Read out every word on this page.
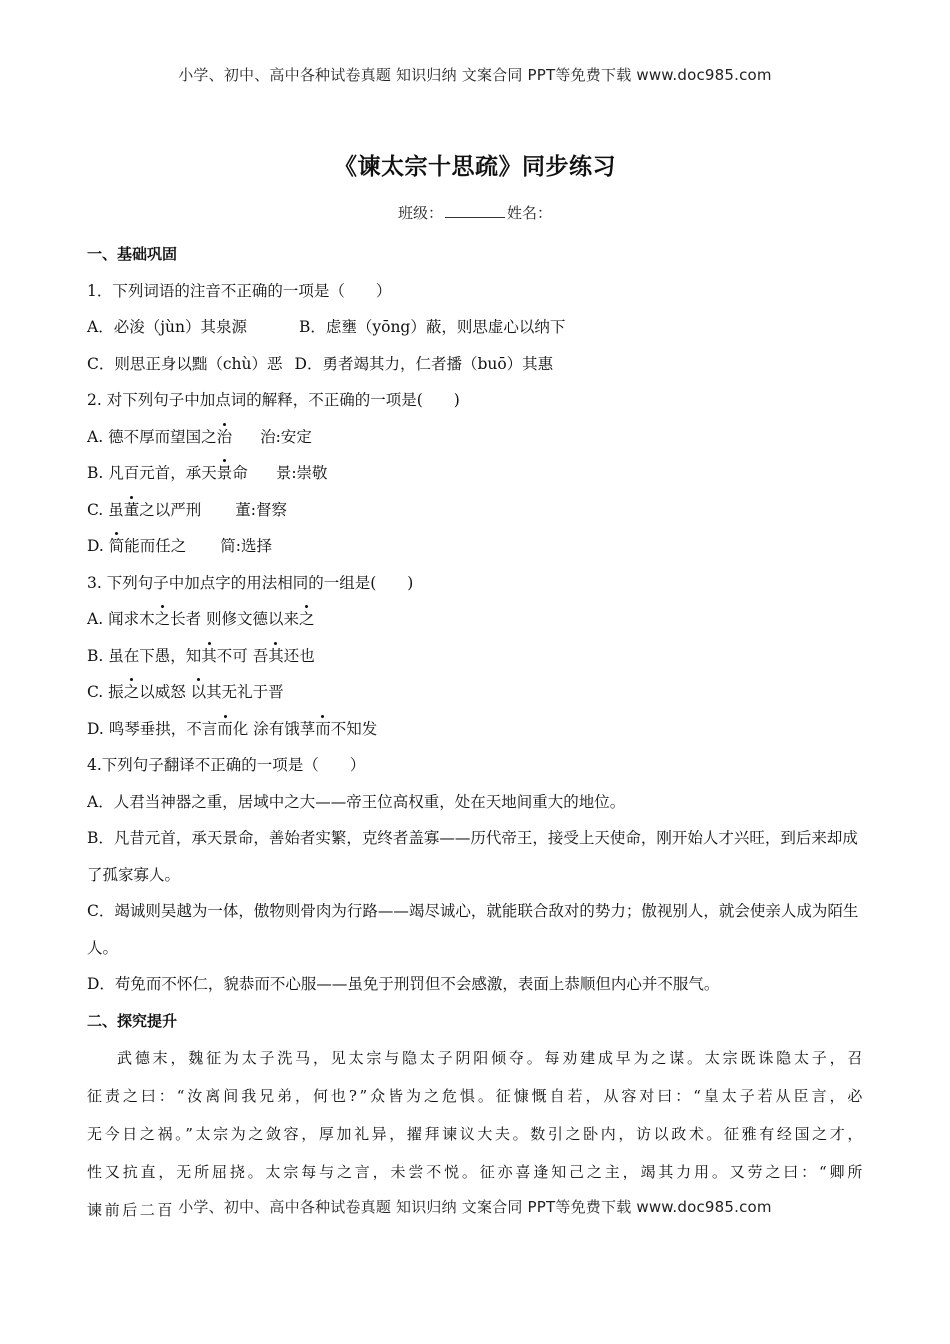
小学、初中、高中各种试卷真题 知识归纳 文案合同 PPT等免费下载 www.doc985.com
《谏太宗十思疏》同步练习
班级：	姓名：
一、基础巩固
1．下列词语的注音不正确的一项是（　　）
A．必浚（jùn）其泉源	B．虑壅（yōng）蔽，则思虚心以纳下
C．则思正身以黜（chù）恶 D．勇者竭其力，仁者播（buō）其惠
2. 对下列句子中加点词的解释，不正确的一项是(　　)
A. 德不厚而望国之治 治:安定
B. 凡百元首，承天景命 景:崇敬
C. 虽董之以严刑 董:督察
D. 简能而任之 简:选择
3. 下列句子中加点字的用法相同的一组是(　　)
A. 闻求木之长者 则修文德以来之
B. 虽在下愚，知其不可 吾其还也
C. 振之以威怒 以其无礼于晋
D. 鸣琴垂拱，不言而化 涂有饿莩而不知发
4.下列句子翻译不正确的一项是（　　）
A．人君当神器之重，居域中之大——帝王位高权重，处在天地间重大的地位。
B．凡昔元首，承天景命，善始者实繁，克终者盖寡——历代帝王，接受上天使命，刚开始人才兴旺，到后来却成了孤家寡人。
C．竭诚则吴越为一体，傲物则骨肉为行路——竭尽诚心，就能联合敌对的势力；傲视别人，就会使亲人成为陌生人。
D．苟免而不怀仁，貌恭而不心服——虽免于刑罚但不会感激，表面上恭顺但内心并不服气。
二、探究提升
武德末，魏征为太子洗马，见太宗与隐太子阴阳倾夺。每劝建成早为之谋。太宗既诛隐太子，召征责之曰：“汝离间我兄弟，何也?”众皆为之危惧。征慷慨自若，从容对曰：“皇太子若从臣言，必无今日之祸。”太宗为之敛容，厚加礼异，擢拜谏议大夫。数引之卧内，访以政术。征雅有经国之才，性又抗直，无所屈挠。太宗每与之言，未尝不悦。征亦喜逢知己之主，竭其力用。又劳之曰：“卿所谏前后二百 小学、初中、高中各种试卷真题 知识归纳 文案合同 PPT等免费下载 www.doc985.com
